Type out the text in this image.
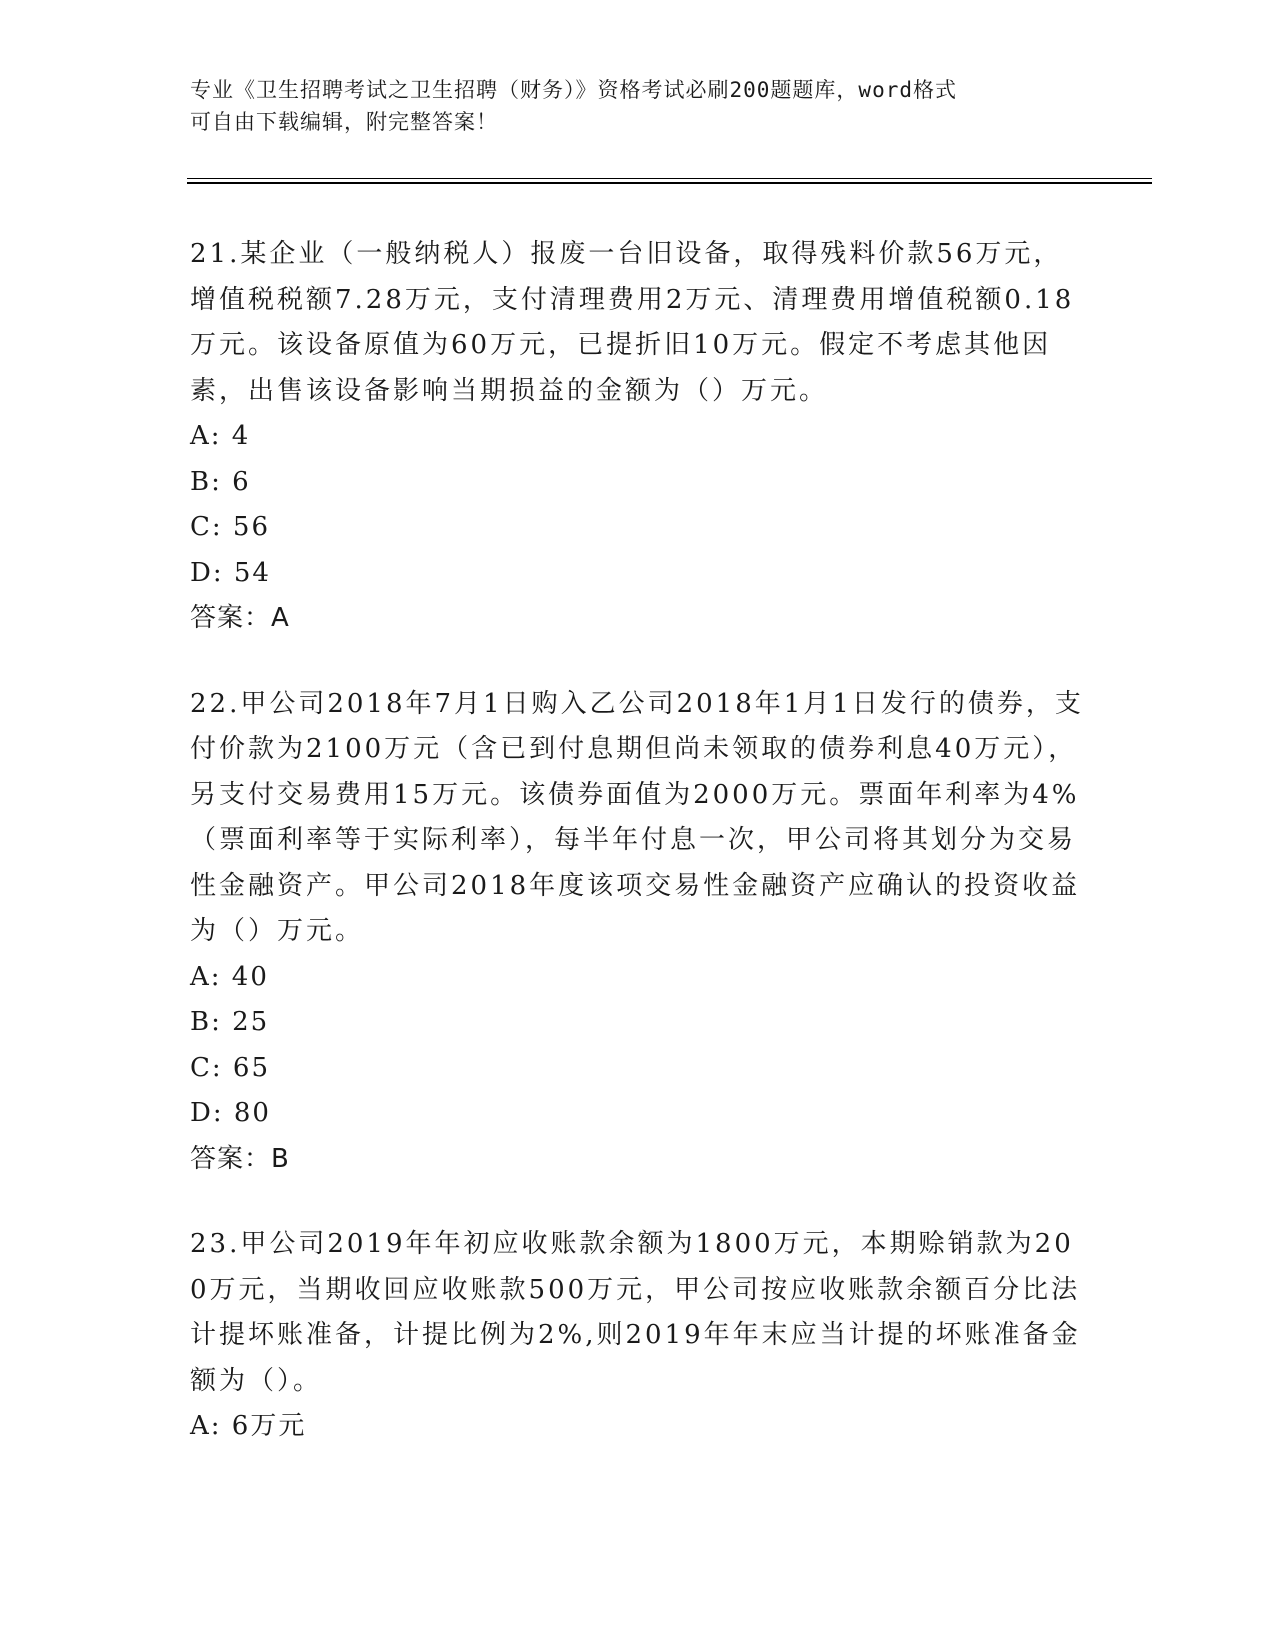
专业《卫生招聘考试之卫生招聘（财务）》资格考试必刷200题题库，word格式
可自由下载编辑，附完整答案！

21.某企业（一般纳税人）报废一台旧设备，取得残料价款56万元，增值税税额7.28万元，支付清理费用2万元、清理费用增值税额0.18万元。该设备原值为60万元，已提折旧10万元。假定不考虑其他因素，出售该设备影响当期损益的金额为（）万元。

A: 4

B: 6

C: 56

D: 54

答案：A

22.甲公司2018年7月1日购入乙公司2018年1月1日发行的债券，支付价款为2100万元（含已到付息期但尚未领取的债券利息40万元），另支付交易费用15万元。该债券面值为2000万元。票面年利率为4%（票面利率等于实际利率），每半年付息一次，甲公司将其划分为交易性金融资产。甲公司2018年度该项交易性金融资产应确认的投资收益为（）万元。

A: 40

B: 25

C: 65

D: 80

答案：B

23.甲公司2019年年初应收账款余额为1800万元，本期赊销款为200万元，当期收回应收账款500万元，甲公司按应收账款余额百分比法计提坏账准备，计提比例为2%,则2019年年末应当计提的坏账准备金额为（）。

A: 6万元
